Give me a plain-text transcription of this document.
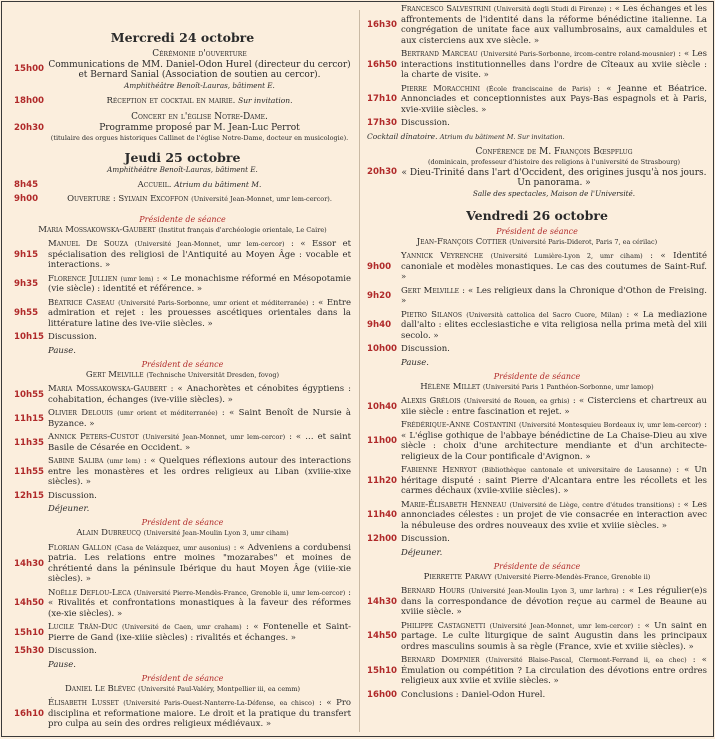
Mercredi 24 octobre

15h00

Cérémonie d'ouverture

Communications de MM. Daniel-Odon Hurel (directeur du cercor)

et Bernard Sanial (Association de soutien au cercor).

Amphithéâtre Benoît-Lauras, bâtiment E.

18h00	Réception et cocktail en mairie. Sur invitation.
20h30

Concert en l'église Notre-Dame.

Programme proposé par M. Jean-Luc Perrot

(titulaire des orgues historiques Callinet de l'église Notre-Dame, docteur en musicologie).

Jeudi 25 octobre

Amphithéâtre Benoît-Lauras, bâtiment E.

8h45	Accueil. Atrium du bâtiment M.
9h00	Ouverture : Sylvain Excoffon (Université Jean-Monnet, umr lem-cercor).

Présidente de séance

Maria Mossakowska-Gaubert (Institut français d'archéologie orientale, Le Caire)

9h15
Manuel De Souza (Université Jean-Monnet, umr lem-cercor) : « Essor et spécialisation des religiosi de l'Antiquité au Moyen Âge : vocable et interactions. »
9h35
Florence Jullien (umr lem) : « Le monachisme réformé en Mésopotamie (vie siècle) : identité et référence. »
9h55
Béatrice Caseau (Université Paris-Sorbonne, umr orient et méditerranée) : « Entre admiration et rejet : les prouesses ascétiques orientales dans la littérature latine des ive-viie siècles. »
10h15 Discussion.

Pause.

Président de séance

Gert Melville (Technische Universität Dresden, fovog)

10h55
Maria Mossakowska-Gaubert : « Anachorètes et cénobites égyptiens : cohabitation, échanges (ive-viiie siècles). »
11h15
Olivier Delouis (umr orient et méditerranée) : « Saint Benoît de Nursie à Byzance. »
11h35
Annick Peters-Custot (Université Jean-Monnet, umr lem-cercor) : « … et saint Basile de Césarée en Occident. »
11h55
Sabine Saliba (umr lem) : « Quelques réflexions autour des interactions entre les monastères et les ordres religieux au Liban (xviiie-xixe siècles). »
12h15 Discussion.

Déjeuner.

Président de séance

Alain Dubreucq (Université Jean-Moulin Lyon 3, umr ciham)

14h30
Florian Gallon (Casa de Velázquez, umr ausonius) : « Adveniens a cordubensi patria. Les relations entre moines "mozarabes" et moines de chrétienté dans la péninsule Ibérique du haut Moyen Âge (viiie-xie siècles). »
14h50
Noëlle Deflou-Leca (Université Pierre-Mendès-France, Grenoble ii, umr lem-cercor) : « Rivalités et confrontations monastiques à la faveur des réformes (xe-xie siècles). »
15h10
Lucile Trân-Duc (Université de Caen, umr craham) : « Fontenelle et Saint-Pierre de Gand (ixe-xiiie siècles) : rivalités et échanges. »
15h30 Discussion.

Pause.

Président de séance

Daniel Le Blévec (Université Paul-Valéry, Montpellier iii, ea cemm)

16h10
Élisabeth Lusset (Université Paris-Ouest-Nanterre-La-Défense, ea chisco) : « Pro disciplina et reformatione maiore. Le droit et la pratique du transfert pro culpa au sein des ordres religieux médiévaux. »
16h30
Francesco Salvestrini (Università degli Studi di Firenze) : « Les échanges et les affrontements de l'identité dans la réforme bénédictine italienne. La congrégation de unitate face aux vallumbrosains, aux camaldules et aux cisterciens aux xve siècle. »
16h50
Bertrand Marceau (Université Paris-Sorbonne, ircom-centre roland-mousnier) : « Les interactions institutionnelles dans l'ordre de Cîteaux au xviie siècle : la charte de visite. »
17h10
Pierre Moracchini (École franciscaine de Paris) : « Jeanne et Béatrice. Annonciades et conceptionnistes aux Pays-Bas espagnols et à Paris, xvie-xviiie siècles. »
17h30 Discussion.

Cocktail dînatoire. Atrium du bâtiment M. Sur invitation.

20h30

Conférence de M. François Bœspflug

(dominicain, professeur d'histoire des religions à l'université de Strasbourg)

« Dieu-Trinité dans l'art d'Occident, des origines jusqu'à nos jours. Un panorama. »

Salle des spectacles, Maison de l'Université.

Vendredi 26 octobre

Président de séance

Jean-François Cottier (Université Paris-Diderot, Paris 7, ea cérilac)

9h00
Yannick Veyrenche (Université Lumière-Lyon 2, umr ciham) : « Identité canoniale et modèles monastiques. Le cas des coutumes de Saint-Ruf. »
9h20
Gert Melville : « Les religieux dans la Chronique d'Othon de Freising. »
9h40
Pietro Silanos (Università cattolica del Sacro Cuore, Milan) : « La mediazione dall'alto : elites ecclesiastiche e vita religiosa nella prima metà del xiii secolo. »
10h00 Discussion.

Pause.

Présidente de séance

Hélène Millet (Université Paris 1 Panthéon-Sorbonne, umr lamop)

10h40
Alexis Grélois (Université de Rouen, ea grhis) : « Cisterciens et chartreux au xiie siècle : entre fascination et rejet. »
11h00
Frédérique-Anne Costantini (Université Montesquieu Bordeaux iv, umr lem-cercor) : « L'église gothique de l'abbaye bénédictine de La Chaise-Dieu au xive siècle : choix d'une architecture mendiante et d'un architecte-religieux de la Cour pontificale d'Avignon. »
11h20
Fabienne Henryot (Bibliothèque cantonale et universitaire de Lausanne) : « Un héritage disputé : saint Pierre d'Alcantara entre les récollets et les carmes déchaux (xviie-xviiie siècles). »
11h40
Marie-Élisabeth Henneau (Université de Liège, centre d'études transitions) : « Les annonciades célestes : un projet de vie consacrée en interaction avec la nébuleuse des ordres nouveaux des xviie et xviiie siècles. »
12h00 Discussion.

Déjeuner.

Présidente de séance

Pierrette Paravy (Université Pierre-Mendès-France, Grenoble ii)

14h30
Bernard Hours (Université Jean-Moulin Lyon 3, umr larhra) : « Les régulier(e)s dans la correspondance de dévotion reçue au carmel de Beaune au xviiie siècle. »
14h50
Philippe Castagnetti (Université Jean-Monnet, umr lem-cercor) : « Un saint en partage. Le culte liturgique de saint Augustin dans les principaux ordres masculins soumis à sa règle (France, xvie et xviiie siècles). »
15h10
Bernard Dompnier (Université Blaise-Pascal, Clermont-Ferrand ii, ea chec) : « Émulation ou compétition ? La circulation des dévotions entre ordres religieux aux xviie et xviiie siècles. »
16h00 Conclusions : Daniel-Odon Hurel.
